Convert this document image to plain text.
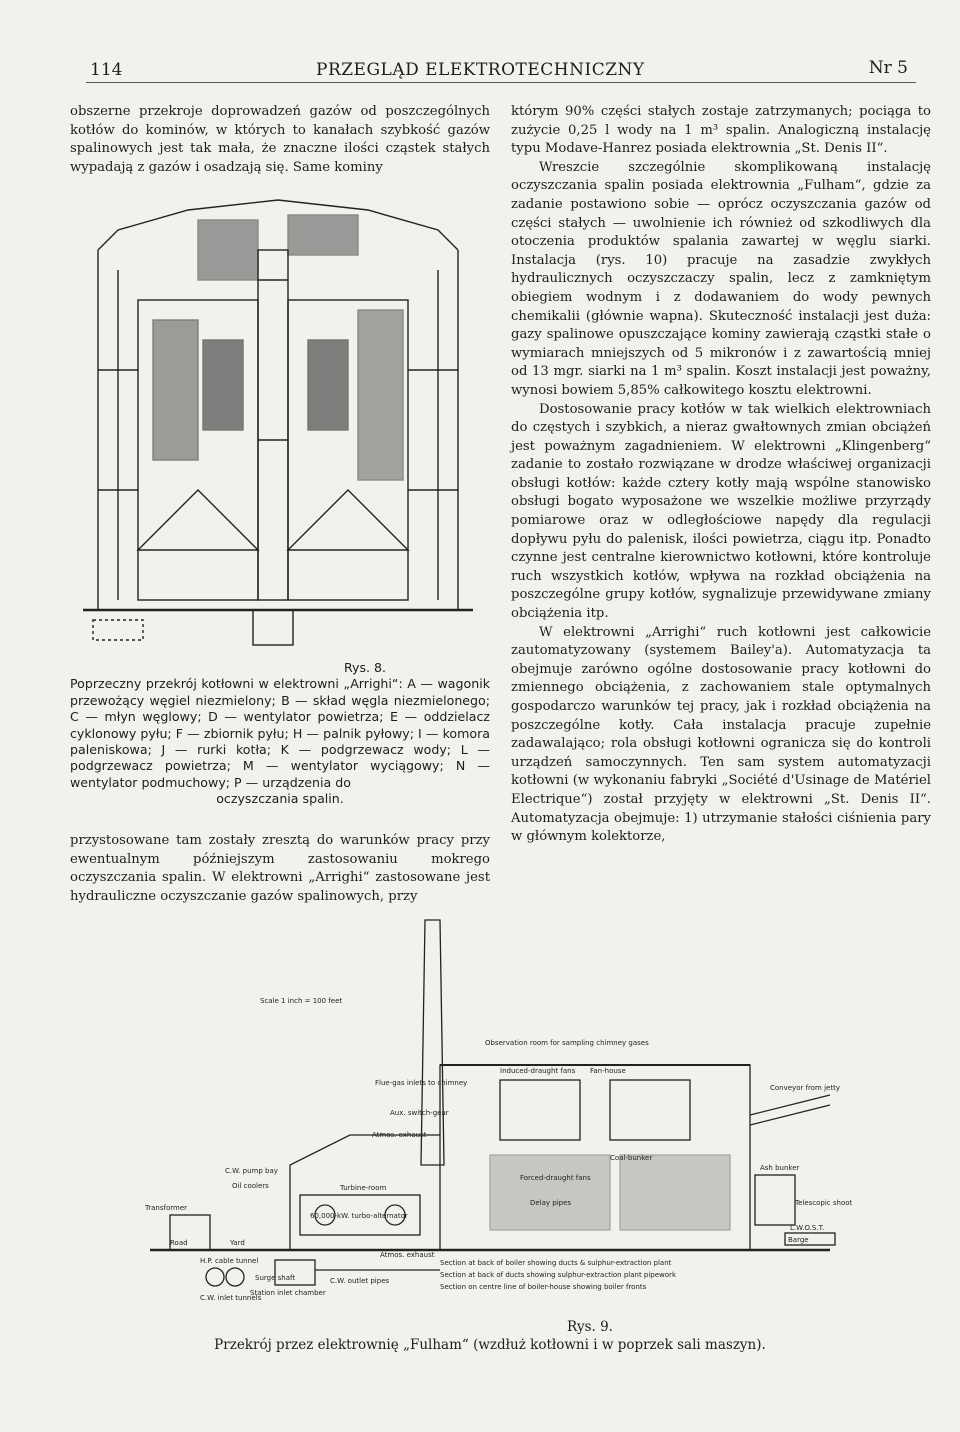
114	PRZEGLĄD ELEKTROTECHNICZNY	Nr 5

obszerne przekroje doprowadzeń gazów od poszczególnych kotłów do kominów, w których to kanałach szybkość gazów spalinowych jest tak mała, że znaczne ilości cząstek stałych wypadają z gazów i osadzają się. Same kominy

Rys. 8.
Poprzeczny przekrój kotłowni w elektrowni „Arrighi“: A — wagonik przewożący węgiel niezmielony; B — skład węgla niezmielonego; C — młyn węglowy; D — wentylator powietrza; E — oddzielacz cyklonowy pyłu; F — zbiornik pyłu; H — palnik pyłowy; I — komora paleniskowa; J — rurki kotła; K — podgrzewacz wody; L — podgrzewacz powietrza; M — wentylator wyciągowy; N — wentylator podmuchowy; P — urządzenia do
oczyszczania spalin.

przystosowane tam zostały zresztą do warunków pracy przy ewentualnym późniejszym zastosowaniu mokrego oczyszczania spalin. W elektrowni „Arrighi“ zastosowane jest hydrauliczne oczyszczanie gazów spalinowych, przy

którym 90% części stałych zostaje zatrzymanych; pociąga to zużycie 0,25 l wody na 1 m³ spalin. Analogiczną instalację typu Modave-Hanrez posiada elektrownia „St. Denis II“.

Wreszcie szczególnie skomplikowaną instalację oczyszczania spalin posiada elektrownia „Fulham“, gdzie za zadanie postawiono sobie — oprócz oczyszczania gazów od części stałych — uwolnienie ich również od szkodliwych dla otoczenia produktów spalania zawartej w węglu siarki. Instalacja (rys. 10) pracuje na zasadzie zwykłych hydraulicznych oczyszczaczy spalin, lecz z zamkniętym obiegiem wodnym i z dodawaniem do wody pewnych chemikalii (głównie wapna). Skuteczność instalacji jest duża: gazy spalinowe opuszczające kominy zawierają cząstki stałe o wymiarach mniejszych od 5 mikronów i z zawartością mniej od 13 mgr. siarki na 1 m³ spalin. Koszt instalacji jest poważny, wynosi bowiem 5,85% całkowitego kosztu elektrowni.

Dostosowanie pracy kotłów w tak wielkich elektrowniach do częstych i szybkich, a nieraz gwałtownych zmian obciążeń jest poważnym zagadnieniem. W elektrowni „Klingenberg“ zadanie to zostało rozwiązane w drodze właściwej organizacji obsługi kotłów: każde cztery kotły mają wspólne stanowisko obsługi bogato wyposażone we wszelkie możliwe przyrządy pomiarowe oraz w odległościowe napędy dla regulacji dopływu pyłu do palenisk, ilości powietrza, ciągu itp. Ponadto czynne jest centralne kierownictwo kotłowni, które kontroluje ruch wszystkich kotłów, wpływa na rozkład obciążenia na poszczególne grupy kotłów, sygnalizuje przewidywane zmiany obciążenia itp.

W elektrowni „Arrighi“ ruch kotłowni jest całkowicie zautomatyzowany (systemem Bailey'a). Automatyzacja ta obejmuje zarówno ogólne dostosowanie pracy kotłowni do zmiennego obciążenia, z zachowaniem stale optymalnych gospodarczo warunków tej pracy, jak i rozkład obciążenia na poszczególne kotły. Cała instalacja pracuje zupełnie zadawalająco; rola obsługi kotłowni ogranicza się do kontroli urządzeń samoczynnych. Ten sam system automatyzacji kotłowni (w wykonaniu fabryki „Société d'Usinage de Matériel Electrique“) został przyjęty w elektrowni „St. Denis II“. Automatyzacja obejmuje: 1) utrzymanie stałości ciśnienia pary w głównym kolektorze,

Scale 1 inch = 100 feet
Observation room for sampling chimney gases
Induced-draught fans Fan-house
Flue-gas inlets to chimney
Aux. switch-gear
Atmos. exhaust
C.W. pump bay
Oil coolers
Transformer
Turbine-room
60,000-kW. turbo-alternator
Road	Yard
H.P. cable tunnel
C.W. inlet tunnels
Surge shaft
Station inlet chamber
C.W. outlet pipes
Atmos. exhaust
Forced-draught fans
Delay pipes
Coal-bunker
Ash bunker
Telescopic shoot
Barge
L.W.O.S.T.
Conveyor from jetty
Section at back of boiler showing ducts & sulphur-extraction plant
Section at back of ducts showing sulphur-extraction plant pipework
Section on centre line of boiler-house showing boiler fronts
Rys. 9.
Przekrój przez elektrownię „Fulham“ (wzdłuż kotłowni i w poprzek sali maszyn).
